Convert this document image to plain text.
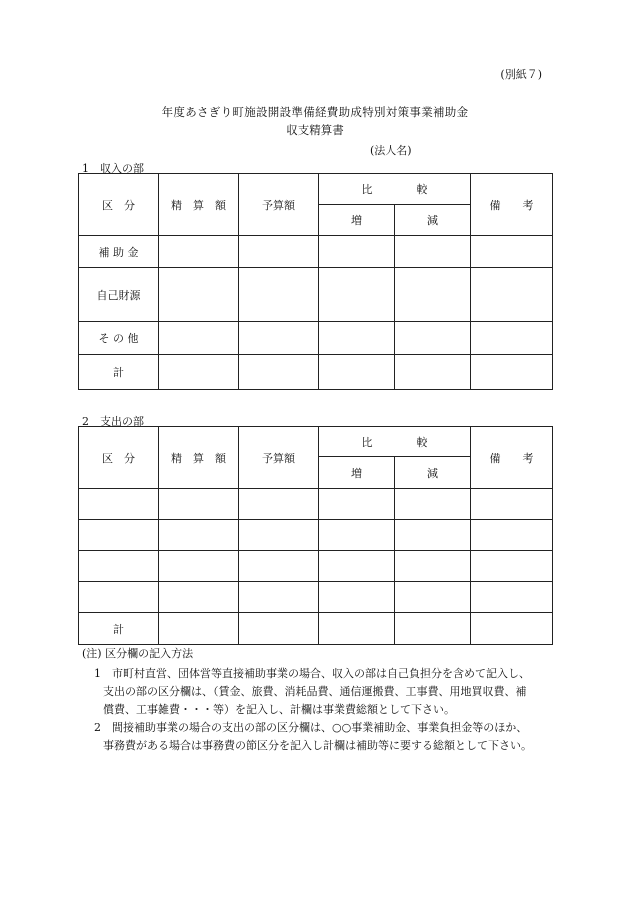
(別紙７)
年度あさぎり町施設開設準備経費助成特別対策事業補助金
収支精算書
(法人名)
1　収入の部
区　分	精　算　額	予算額	比　　　　較		備　　考
			増	減	
補 助 金					
自己財源					
そ の 他					
計					
2　支出の部
区　分	精　算　額	予算額	比　　　　較		備　　考
			増	減	

計					
(注) 区分欄の記入方法
1　市町村直営、団体営等直接補助事業の場合、収入の部は自己負担分を含めて記入し、
支出の部の区分欄は、（賃金、旅費、消耗品費、通信運搬費、工事費、用地買収費、補
償費、工事雑費・・・等）を記入し、計欄は事業費総額として下さい。
2　間接補助事業の場合の支出の部の区分欄は、○○事業補助金、事業負担金等のほか、
事務費がある場合は事務費の節区分を記入し計欄は補助等に要する総額として下さい。
